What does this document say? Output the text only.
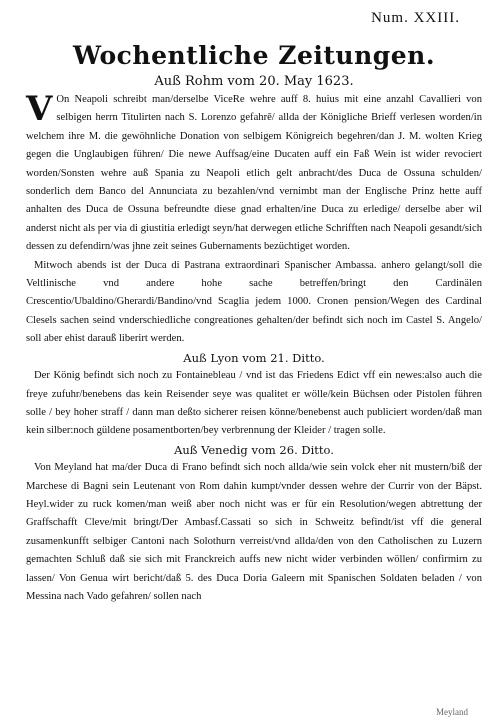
Num. XXIII.
Wochentliche Zeitungen.
Auß Rohm vom 20. May 1623.

V On Neapoli schreibt man/derselbe ViceRe wehre auff 8. huius mit eine anzahl Cavallieri von selbigen herrn Titulirten nach S. Lorenzo gefahrē/ allda der Königliche Brieff verlesen worden/in welchem ihre M. die gewöhnliche Donation von selbigem Königreich begehren/dan J. M. wolten Krieg gegen die Unglaubigen führen/ Die newe Auffsag/eine Ducaten auff ein Faß Wein ist wider revociert worden/Sonsten wehre auß Spania zu Neapoli etlich gelt anbracht/des Duca de Ossuna schulden/ sonderlich dem Banco del Annunciata zu bezahlen/vnd vernimbt man der Englische Prinz hette auff anhalten des Duca de Ossuna befreundte diese gnad erhalten/ine Duca zu erledige/ derselbe aber wil anderst nicht als per via di giustitia erledigt seyn/hat derwegen etliche Schrifften nach Neapoli gesandt/sich dessen zu defendirn/was jhne zeit seines Gubernaments bezüchtiget worden.

Mitwoch abends ist der Duca di Pastrana extraordinari Spanischer Ambassa. anhero gelangt/soll die Veltlinische vnd andere hohe sache betreffen/bringt den Cardinälen Crescentio/Ubaldino/Gherardi/Bandino/vnd Scaglia jedem 1000. Cronen pension/Wegen des Cardinal Clesels sachen seind vnderschiedliche congreationes gehalten/der befindt sich noch im Castel S. Angelo/ soll aber ehist darauß liberirt werden.

Auß Lyon vom 21. Ditto.

Der König befindt sich noch zu Fontainebleau / vnd ist das Friedens Edict vff ein newes:also auch die freye zufuhr/benebens das kein Reisender seye was qualitet er wölle/kein Büchsen oder Pistolen führen solle / bey hoher straff / dann man deßto sicherer reisen könne/benebenst auch publiciert worden/daß man kein silber:noch güldene posamentborten/bey verbrennung der Kleider / tragen solle.

Auß Venedig vom 26. Ditto.

Von Meyland hat ma/der Duca di Frano befindt sich noch allda/wie sein volck eher nit mustern/biß der Marchese di Bagni sein Leutenant von Rom dahin kumpt/vnder dessen wehre der Currir von der Bäpst. Heyl.wider zu ruck komen/man weiß aber noch nicht was er für ein Resolution/wegen abtrettung der Graffschafft Cleve/mit bringt/Der Ambasf.Cassati so sich in Schweitz befindt/ist vff die general zusamenkunfft selbiger Cantoni nach Solothurn verreist/vnd allda/den von den Catholischen zu Luzern gemachten Schluß daß sie sich mit Franckreich auffs new nicht wider verbinden wöllen/ confirmirn zu lassen/ Von Genua wirt bericht/daß 5. des Duca Doria Galeern mit Spanischen Soldaten beladen / von Messina nach Vado gefahren/ sollen nach

Meyland
